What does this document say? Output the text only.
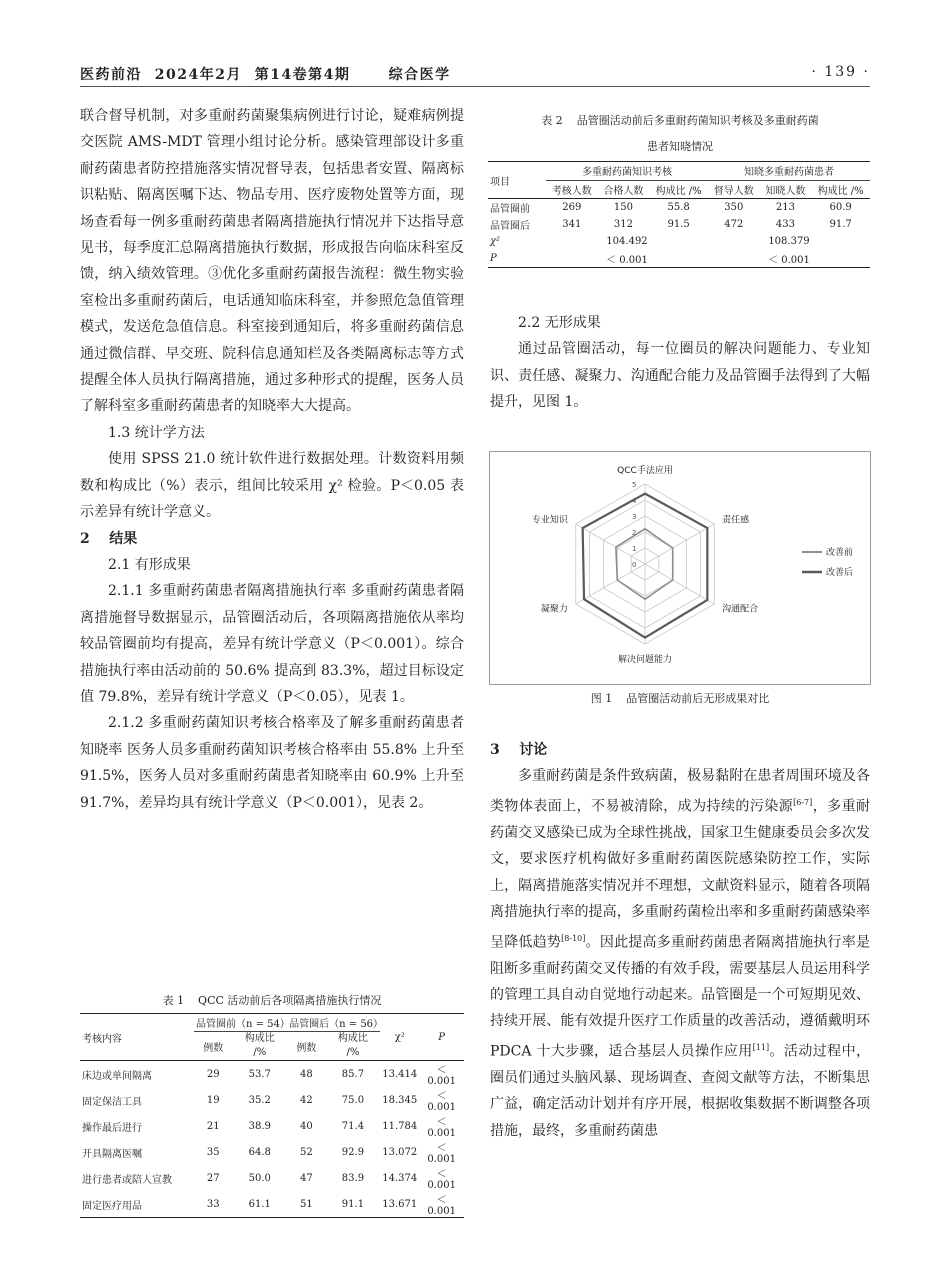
医药前沿  2024年2月  第14卷第4期      综合医学	· 139 ·

联合督导机制，对多重耐药菌聚集病例进行讨论，疑难病例提交医院 AMS-MDT 管理小组讨论分析。感染管理部设计多重耐药菌患者防控措施落实情况督导表，包括患者安置、隔离标识粘贴、隔离医嘱下达、物品专用、医疗废物处置等方面，现场查看每一例多重耐药菌患者隔离措施执行情况并下达指导意见书，每季度汇总隔离措施执行数据，形成报告向临床科室反馈，纳入绩效管理。③优化多重耐药菌报告流程：微生物实验室检出多重耐药菌后，电话通知临床科室，并参照危急值管理模式，发送危急值信息。科室接到通知后，将多重耐药菌信息通过微信群、早交班、院科信息通知栏及各类隔离标志等方式提醒全体人员执行隔离措施，通过多种形式的提醒，医务人员了解科室多重耐药菌患者的知晓率大大提高。

1.3 统计学方法

使用 SPSS 21.0 统计软件进行数据处理。计数资料用频数和构成比（%）表示，组间比较采用 χ² 检验。P＜0.05 表示差异有统计学意义。

2    结果

2.1 有形成果

2.1.1 多重耐药菌患者隔离措施执行率 多重耐药菌患者隔离措施督导数据显示，品管圈活动后，各项隔离措施依从率均较品管圈前均有提高，差异有统计学意义（P＜0.001）。综合措施执行率由活动前的 50.6% 提高到 83.3%，超过目标设定值 79.8%，差异有统计学意义（P＜0.05），见表 1。

2.1.2 多重耐药菌知识考核合格率及了解多重耐药菌患者知晓率 医务人员多重耐药菌知识考核合格率由 55.8% 上升至 91.5%，医务人员对多重耐药菌患者知晓率由 60.9% 上升至 91.7%，差异均具有统计学意义（P＜0.001），见表 2。

表 1    QCC 活动前后各项隔离措施执行情况
考核内容	品管圈前（n = 54）		品管圈后（n = 56）		χ²	P
	例数	构成比
/%	例数	构成比
/%		
床边或单间隔离	29	53.7	48	85.7	13.414	＜ 0.001
固定保洁工具	19	35.2	42	75.0	18.345	＜ 0.001
操作最后进行	21	38.9	40	71.4	11.784	＜ 0.001
开具隔离医嘱	35	64.8	52	92.9	13.072	＜ 0.001
进行患者或陪人宣教	27	50.0	47	83.9	14.374	＜ 0.001
固定医疗用品	33	61.1	51	91.1	13.671	＜ 0.001
表 2    品管圈活动前后多重耐药菌知识考核及多重耐药菌
患者知晓情况
项目	多重耐药菌知识考核			知晓多重耐药菌患者		
	考核人数	合格人数	构成比 /%	督导人数	知晓人数	构成比 /%
品管圈前	269	150	55.8	350	213	60.9
品管圈后	341	312	91.5	472	433	91.7
χ²	104.492			108.379		
P	＜ 0.001			＜ 0.001		

2.2 无形成果

通过品管圈活动，每一位圈员的解决问题能力、专业知识、责任感、凝聚力、沟通配合能力及品管圈手法得到了大幅提升，见图 1。

0
1
2
3
4
5
QCC手法应用
责任感
沟通配合
解决问题能力
凝聚力
专业知识
改善前
改善后
图 1    品管圈活动前后无形成果对比

3    讨论

多重耐药菌是条件致病菌，极易黏附在患者周围环境及各类物体表面上，不易被清除，成为持续的污染源[6-7]，多重耐药菌交叉感染已成为全球性挑战，国家卫生健康委员会多次发文，要求医疗机构做好多重耐药菌医院感染防控工作，实际上，隔离措施落实情况并不理想，文献资料显示，随着各项隔离措施执行率的提高，多重耐药菌检出率和多重耐药菌感染率呈降低趋势[8-10]。因此提高多重耐药菌患者隔离措施执行率是阻断多重耐药菌交叉传播的有效手段，需要基层人员运用科学的管理工具自动自觉地行动起来。品管圈是一个可短期见效、持续开展、能有效提升医疗工作质量的改善活动，遵循戴明环 PDCA 十大步骤，适合基层人员操作应用[11]。活动过程中，圈员们通过头脑风暴、现场调查、查阅文献等方法，不断集思广益，确定活动计划并有序开展，根据收集数据不断调整各项措施，最终，多重耐药菌患
